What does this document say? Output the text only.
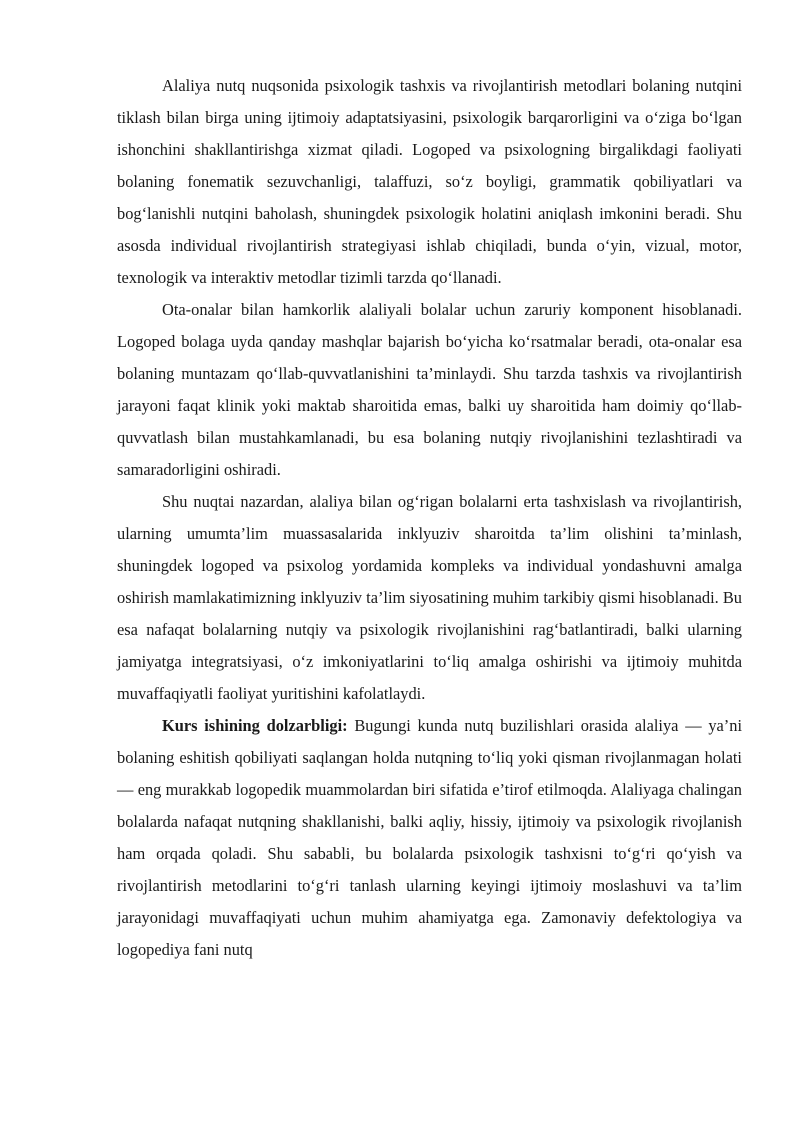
Alaliya nutq nuqsonida psixologik tashxis va rivojlantirish metodlari bolaning nutqini tiklash bilan birga uning ijtimoiy adaptatsiyasini, psixologik barqarorligini va o‘ziga bo‘lgan ishonchini shakllantirishga xizmat qiladi. Logoped va psixologning birgalikdagi faoliyati bolaning fonematik sezuvchanligi, talaffuzi, so‘z boyligi, grammatik qobiliyatlari va bog‘lanishli nutqini baholash, shuningdek psixologik holatini aniqlash imkonini beradi. Shu asosda individual rivojlantirish strategiyasi ishlab chiqiladi, bunda o‘yin, vizual, motor, texnologik va interaktiv metodlar tizimli tarzda qo‘llanadi.

Ota-onalar bilan hamkorlik alaliyali bolalar uchun zaruriy komponent hisoblanadi. Logoped bolaga uyda qanday mashqlar bajarish bo‘yicha ko‘rsatmalar beradi, ota-onalar esa bolaning muntazam qo‘llab-quvvatlanishini ta’minlaydi. Shu tarzda tashxis va rivojlantirish jarayoni faqat klinik yoki maktab sharoitida emas, balki uy sharoitida ham doimiy qo‘llab-quvvatlash bilan mustahkamlanadi, bu esa bolaning nutqiy rivojlanishini tezlashtiradi va samaradorligini oshiradi.

Shu nuqtai nazardan, alaliya bilan og‘rigan bolalarni erta tashxislash va rivojlantirish, ularning umumta’lim muassasalarida inklyuziv sharoitda ta’lim olishini ta’minlash, shuningdek logoped va psixolog yordamida kompleks va individual yondashuvni amalga oshirish mamlakatimizning inklyuziv ta’lim siyosatining muhim tarkibiy qismi hisoblanadi. Bu esa nafaqat bolalarning nutqiy va psixologik rivojlanishini rag‘batlantiradi, balki ularning jamiyatga integratsiyasi, o‘z imkoniyatlarini to‘liq amalga oshirishi va ijtimoiy muhitda muvaffaqiyatli faoliyat yuritishini kafolatlaydi.

Kurs ishining dolzarbligi: Bugungi kunda nutq buzilishlari orasida alaliya — ya’ni bolaning eshitish qobiliyati saqlangan holda nutqning to‘liq yoki qisman rivojlanmagan holati — eng murakkab logopedik muammolardan biri sifatida e’tirof etilmoqda. Alaliyaga chalingan bolalarda nafaqat nutqning shakllanishi, balki aqliy, hissiy, ijtimoiy va psixologik rivojlanish ham orqada qoladi. Shu sababli, bu bolalarda psixologik tashxisni to‘g‘ri qo‘yish va rivojlantirish metodlarini to‘g‘ri tanlash ularning keyingi ijtimoiy moslashuvi va ta’lim jarayonidagi muvaffaqiyati uchun muhim ahamiyatga ega. Zamonaviy defektologiya va logopediya fani nutq
